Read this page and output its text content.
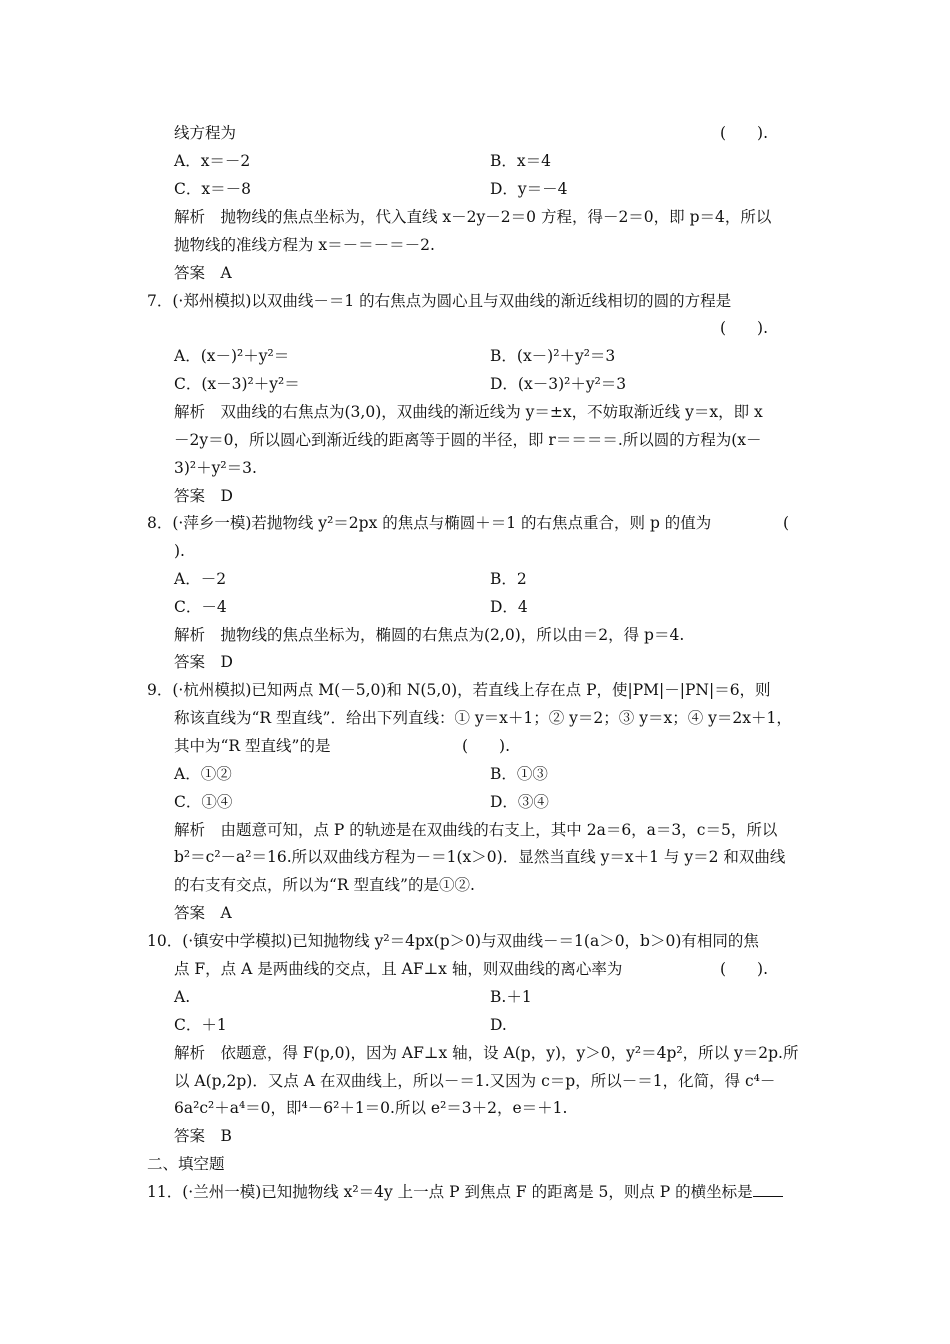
线方程为	(　　).
A．x＝－2	B．x＝4
C．x＝－8	D．y＝－4
解析　抛物线的焦点坐标为，代入直线 x－2y－2＝0 方程，得－2＝0，即 p＝4，所以
抛物线的准线方程为 x＝－＝－＝－2.
答案　A
7．(·郑州模拟)以双曲线－＝1 的右焦点为圆心且与双曲线的渐近线相切的圆的方程是
(　　).
A．(x－)²＋y²＝	B．(x－)²＋y²＝3
C．(x－3)²＋y²＝	D．(x－3)²＋y²＝3
解析　双曲线的右焦点为(3,0)，双曲线的渐近线为 y＝±x，不妨取渐近线 y＝x，即 x
－2y＝0，所以圆心到渐近线的距离等于圆的半径，即 r＝＝＝＝.所以圆的方程为(x－
3)²＋y²＝3.
答案　D
8．(·萍乡一模)若抛物线 y²＝2px 的焦点与椭圆＋＝1 的右焦点重合，则 p 的值为	(
).
A．－2	B．2
C．－4	D．4
解析　抛物线的焦点坐标为，椭圆的右焦点为(2,0)，所以由＝2，得 p＝4.
答案　D
9．(·杭州模拟)已知两点 M(－5,0)和 N(5,0)，若直线上存在点 P，使|PM|－|PN|＝6，则
称该直线为“R 型直线”．给出下列直线：① y＝x＋1；② y＝2；③ y＝x；④ y＝2x＋1，
其中为“R 型直线”的是	(　　).
A．①②	B．①③
C．①④	D．③④
解析　由题意可知，点 P 的轨迹是在双曲线的右支上，其中 2a＝6，a＝3，c＝5，所以
b²＝c²－a²＝16.所以双曲线方程为－＝1(x＞0)．显然当直线 y＝x＋1 与 y＝2 和双曲线
的右支有交点，所以为“R 型直线”的是①②.
答案　A
10．(·镇安中学模拟)已知抛物线 y²＝4px(p＞0)与双曲线－＝1(a＞0，b＞0)有相同的焦
点 F，点 A 是两曲线的交点，且 AF⊥x 轴，则双曲线的离心率为	(　　).
A.	B.＋1
C．＋1	D.
解析　依题意，得 F(p,0)，因为 AF⊥x 轴，设 A(p，y)，y＞0，y²＝4p²，所以 y＝2p.所
以 A(p,2p)．又点 A 在双曲线上，所以－＝1.又因为 c＝p，所以－＝1，化简，得 c⁴－
6a²c²＋a⁴＝0，即⁴－6²＋1＝0.所以 e²＝3＋2，e＝＋1.
答案　B
二、填空题
11．(·兰州一模)已知抛物线 x²＝4y 上一点 P 到焦点 F 的距离是 5，则点 P 的横坐标是
